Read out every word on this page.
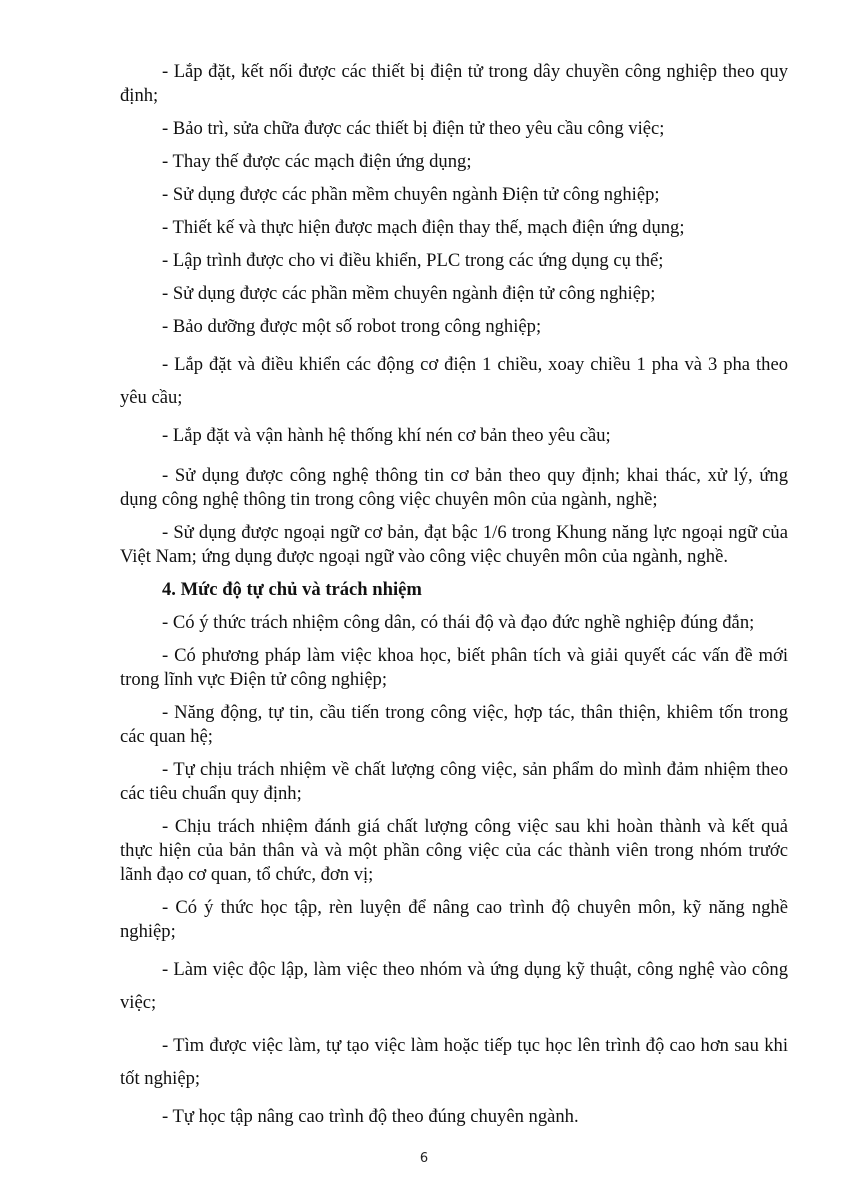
- Lắp đặt, kết nối được các thiết bị điện tử trong dây chuyền công nghiệp theo quy định;

- Bảo trì, sửa chữa được các thiết bị điện tử theo yêu cầu công việc;

- Thay thế được các mạch điện ứng dụng;

- Sử dụng được các phần mềm chuyên ngành Điện tử công nghiệp;

- Thiết kế và thực hiện được mạch điện thay thế, mạch điện ứng dụng;

- Lập trình được cho vi điều khiển, PLC trong các ứng dụng cụ thể;

- Sử dụng được các phần mềm chuyên ngành điện tử công nghiệp;

- Bảo dưỡng được một số robot trong công nghiệp;

- Lắp đặt và điều khiển các động cơ điện 1 chiều, xoay chiều 1 pha và 3 pha theo yêu cầu;

- Lắp đặt và vận hành hệ thống khí nén cơ bản theo yêu cầu;

- Sử dụng được công nghệ thông tin cơ bản theo quy định; khai thác, xử lý, ứng dụng công nghệ thông tin trong công việc chuyên môn của ngành, nghề;

- Sử dụng được ngoại ngữ cơ bản, đạt bậc 1/6 trong Khung năng lực ngoại ngữ của Việt Nam; ứng dụng được ngoại ngữ vào công việc chuyên môn của ngành, nghề.

4. Mức độ tự chủ và trách nhiệm

- Có ý thức trách nhiệm công dân, có thái độ và đạo đức nghề nghiệp đúng đắn;

- Có phương pháp làm việc khoa học, biết phân tích và giải quyết các vấn đề mới trong lĩnh vực Điện tử công nghiệp;

- Năng động, tự tin, cầu tiến trong công việc, hợp tác, thân thiện, khiêm tốn trong các quan hệ;

- Tự chịu trách nhiệm về chất lượng công việc, sản phẩm do mình đảm nhiệm theo các tiêu chuẩn quy định;

- Chịu trách nhiệm đánh giá chất lượng công việc sau khi hoàn thành và kết quả thực hiện của bản thân và và một phần công việc của các thành viên trong nhóm trước lãnh đạo cơ quan, tổ chức, đơn vị;

- Có ý thức học tập, rèn luyện để nâng cao trình độ chuyên môn, kỹ năng nghề nghiệp;

- Làm việc độc lập, làm việc theo nhóm và ứng dụng kỹ thuật, công nghệ vào công việc;

- Tìm được việc làm, tự tạo việc làm hoặc tiếp tục học lên trình độ cao hơn sau khi tốt nghiệp;

- Tự học tập nâng cao trình độ theo đúng chuyên ngành.

6
